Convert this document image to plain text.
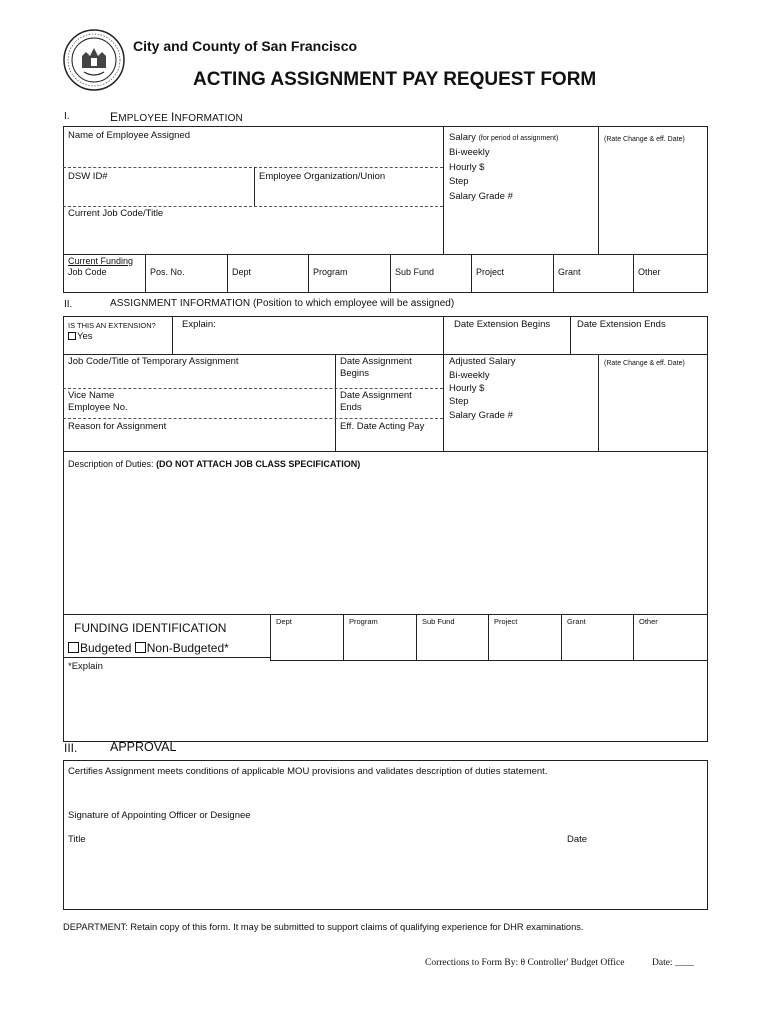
City and County of San Francisco
ACTING ASSIGNMENT PAY REQUEST FORM
I.	EMPLOYEE INFORMATION
Name of Employee Assigned
DSW ID#	Employee Organization/Union
Current Job Code/Title
Salary (for period of assignment)	(Rate Change & eff. Date)
Bi-weekly
Hourly $
Step
Salary Grade #
Current Funding
Job Code	Pos. No.	Dept	Program	Sub Fund	Project	Grant	Other
II.	ASSIGNMENT INFORMATION (Position to which employee will be assigned)
IS THIS AN EXTENSION?
Yes
Explain:	Date Extension Begins	Date Extension Ends
Job Code/Title of Temporary Assignment	Date Assignment
Begins
Vice Name
Employee No.
Date Assignment
Ends
Reason for Assignment	Eff. Date Acting Pay
Adjusted Salary
Bi-weekly
Hourly $
Step
Salary Grade #
(Rate Change & eff. Date)
Description of Duties: (DO NOT ATTACH JOB CLASS SPECIFICATION)
FUNDING IDENTIFICATION
Budgeted Non-Budgeted*
Dept	Program	Sub Fund	Project	Grant	Other
*Explain
III.	APPROVAL
Certifies Assignment meets conditions of applicable MOU provisions and validates description of duties statement.
Signature of Appointing Officer or Designee
Title	Date
DEPARTMENT: Retain copy of this form. It may be submitted to support claims of qualifying experience for DHR examinations.
Corrections to Form By: θ Controller' Budget Office	Date: ____
